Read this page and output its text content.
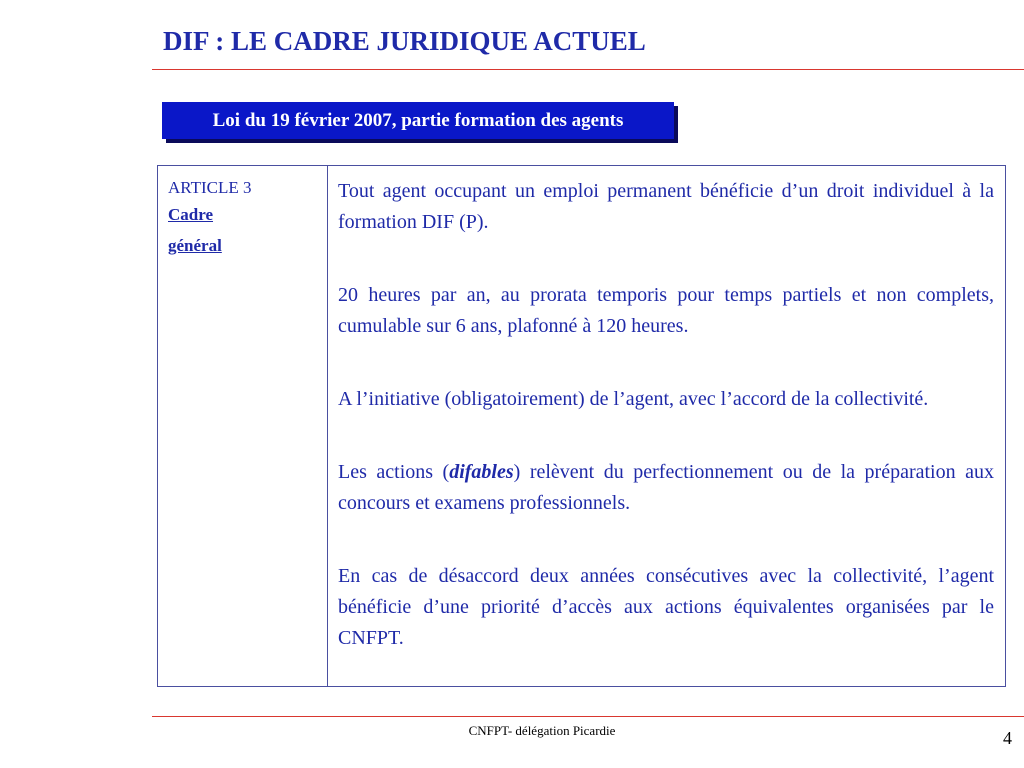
DIF : LE CADRE JURIDIQUE ACTUEL
Loi du 19 février 2007, partie formation des agents
ARTICLE 3
Cadre
général

Tout agent occupant un emploi permanent bénéficie d’un droit individuel à la formation DIF (P).

20 heures par an, au prorata temporis pour temps partiels et non complets, cumulable sur 6 ans, plafonné à 120 heures.

A l’initiative (obligatoirement) de l’agent, avec l’accord de la collectivité.

Les actions (difables) relèvent du perfectionnement ou de la préparation aux concours et examens professionnels.

En cas de désaccord deux années consécutives avec la collectivité, l’agent bénéficie d’une priorité d’accès aux actions équivalentes organisées par le CNFPT.

CNFPT- délégation Picardie	4
